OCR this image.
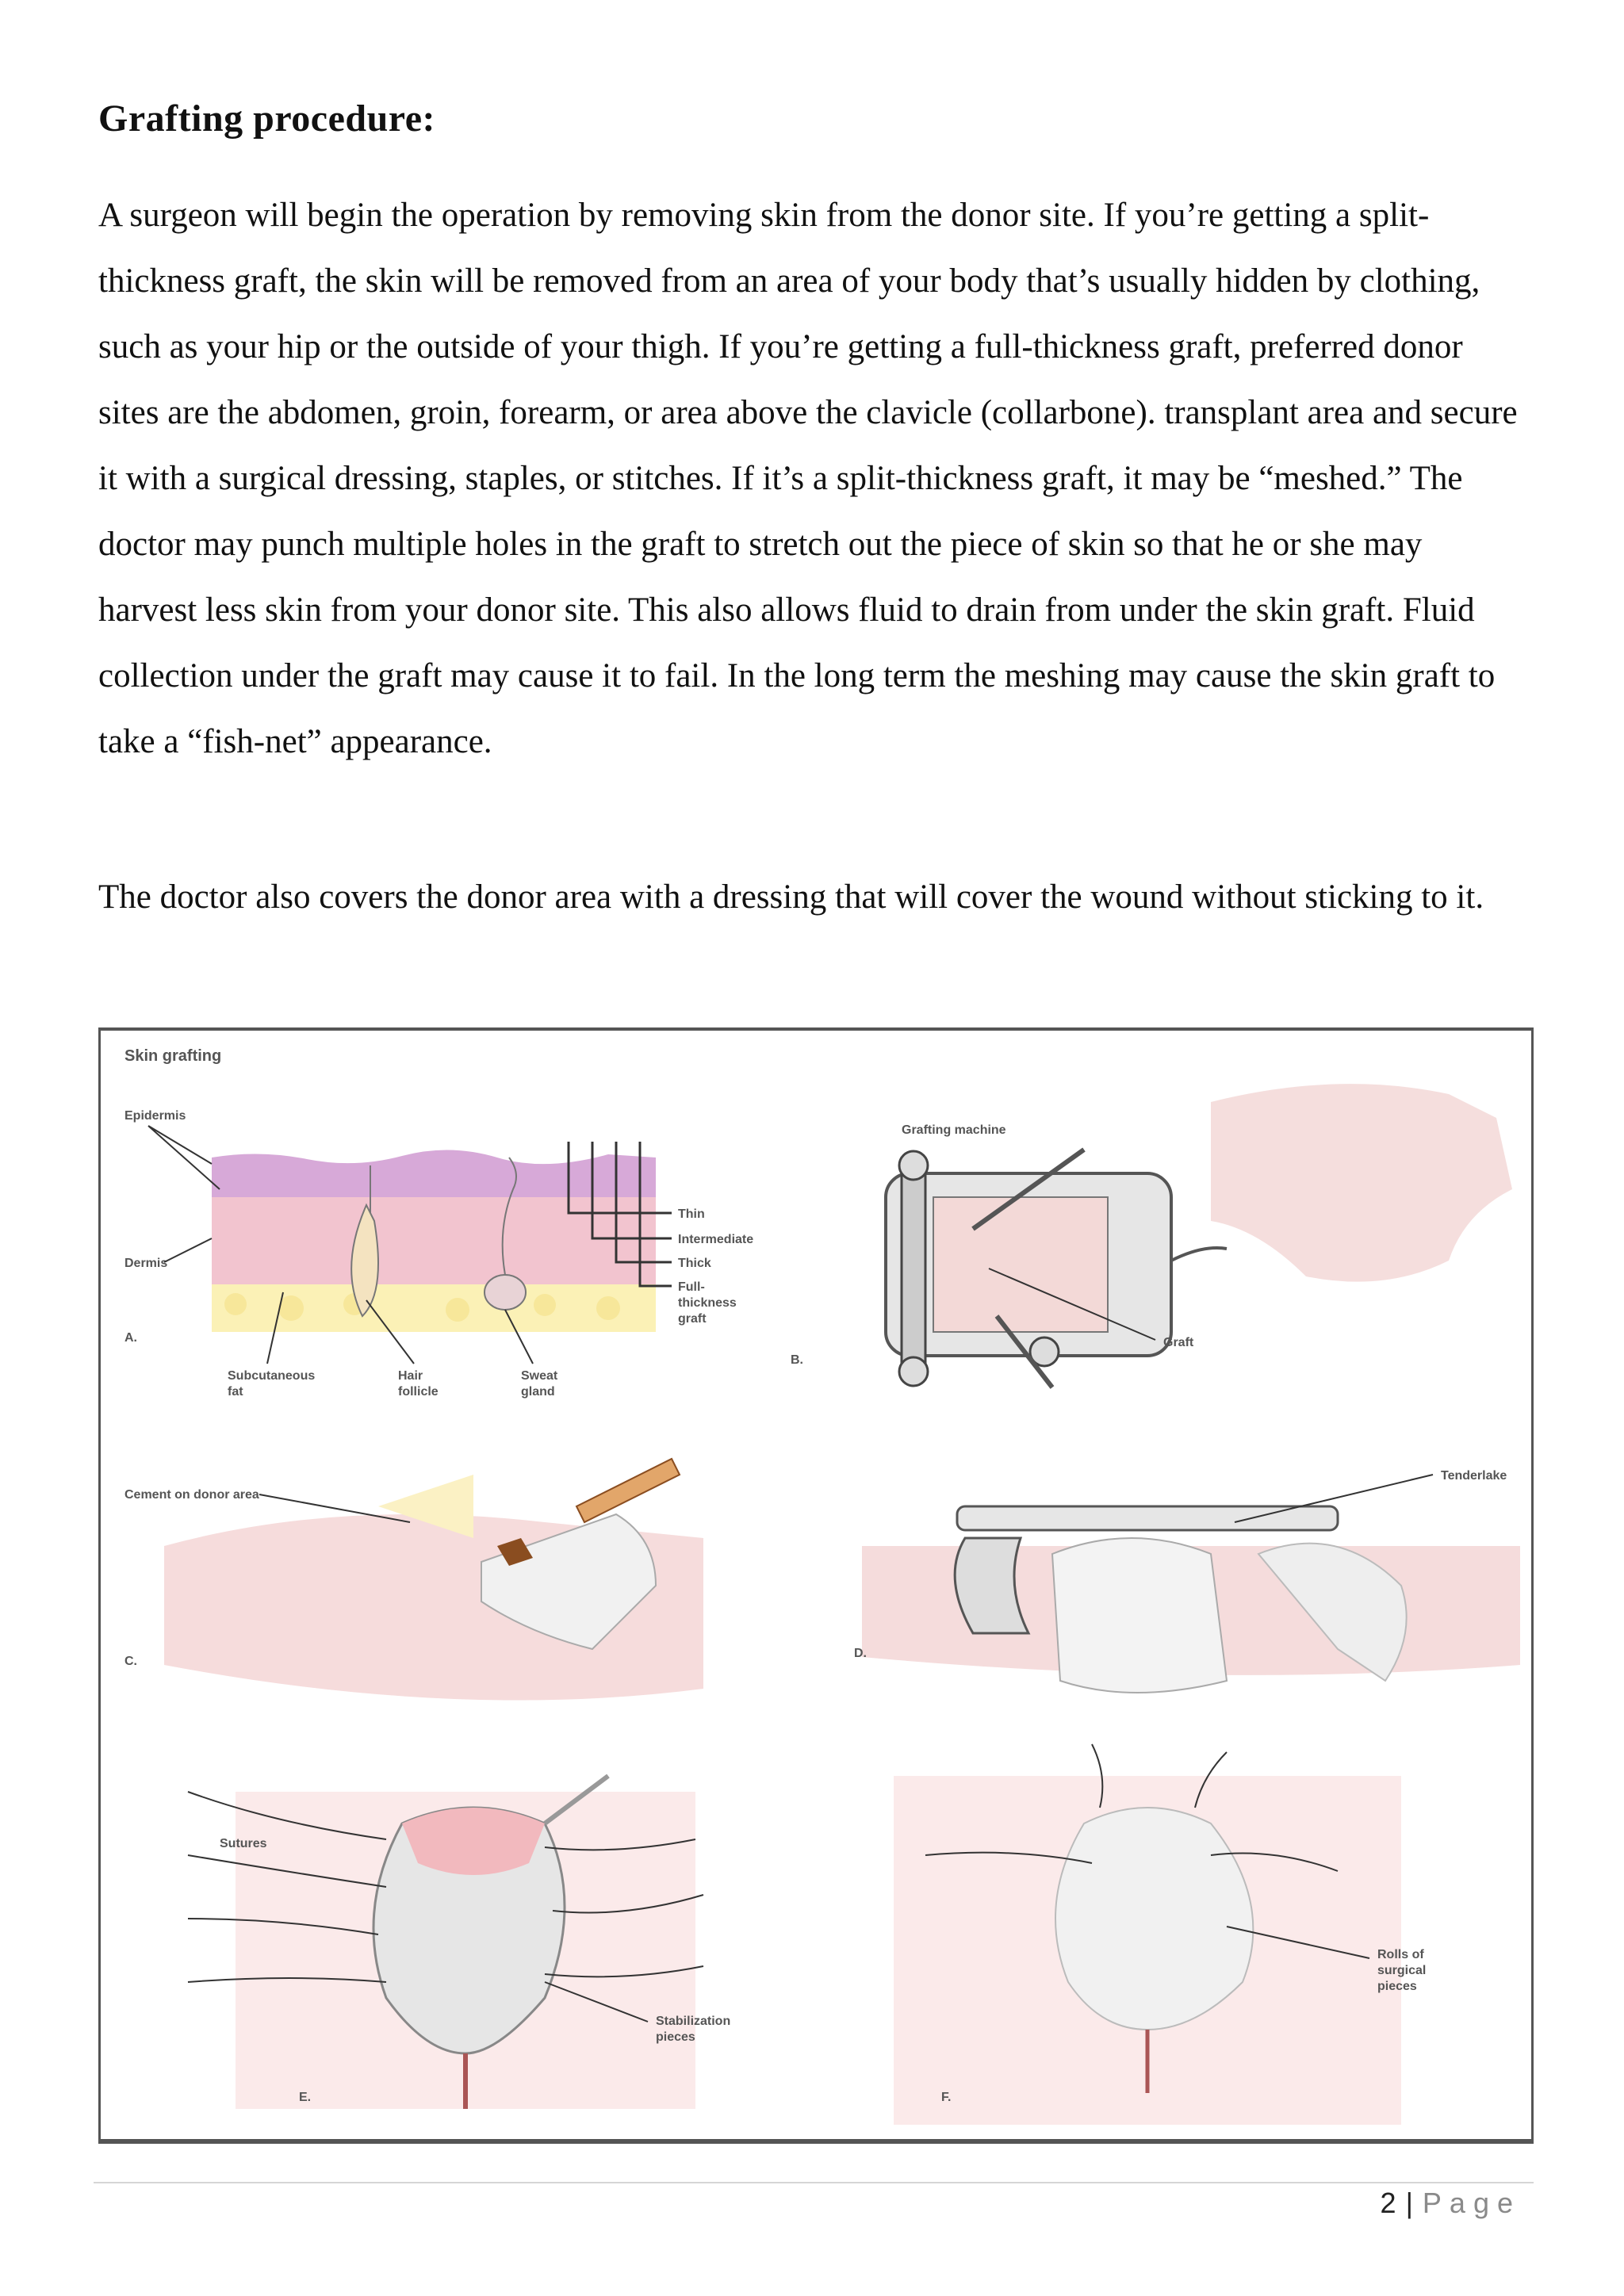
Grafting procedure:

A surgeon will begin the operation by removing skin from the donor site. If you’re getting a split-thickness graft, the skin will be removed from an area of your body that’s usually hidden by clothing, such as your hip or the outside of your thigh. If you’re getting a full-thickness graft, preferred donor sites are the abdomen, groin, forearm, or area above the clavicle (collarbone). transplant area and secure it with a surgical dressing, staples, or stitches. If it’s a split-thickness graft, it may be “meshed.” The doctor may punch multiple holes in the graft to stretch out the piece of skin so that he or she may harvest less skin from your donor site. This also allows fluid to drain from under the skin graft. Fluid collection under the graft may cause it to fail. In the long term the meshing may cause the skin graft to take a “fish-net” appearance.

The doctor also covers the donor area with a dressing that will cover the wound without sticking to it.

Skin grafting
Thin
Intermediate
Thick
Full-
thickness
graft
Epidermis
Dermis
A.
Subcutaneous
fat
Hair
follicle
Sweat
gland
Grafting machine
Graft
B.
Cement on donor area
C.
Tenderlake
D.
Sutures
Stabilization
pieces
E.
Rolls of
surgical
pieces
F.
2 | Page
